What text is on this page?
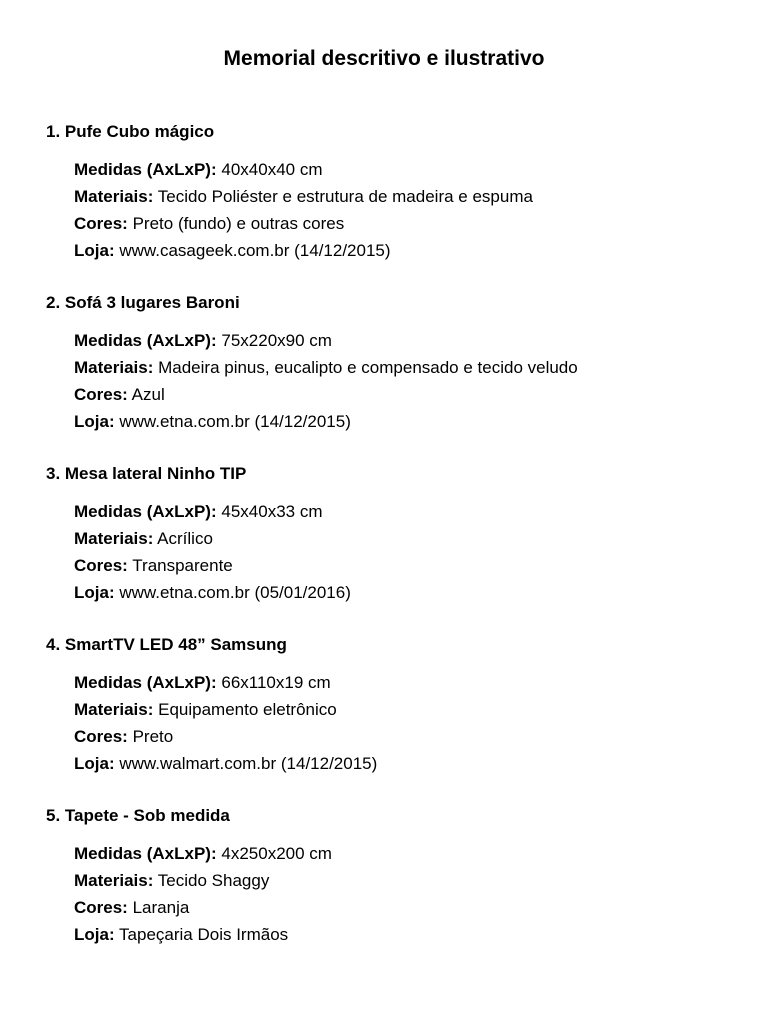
Memorial descritivo e ilustrativo
1. Pufe Cubo mágico
Medidas (AxLxP): 40x40x40 cm
Materiais: Tecido Poliéster e estrutura de madeira e espuma
Cores: Preto (fundo) e outras cores
Loja: www.casageek.com.br (14/12/2015)
2. Sofá 3 lugares Baroni
Medidas (AxLxP): 75x220x90 cm
Materiais: Madeira pinus, eucalipto e compensado e tecido veludo
Cores: Azul
Loja: www.etna.com.br (14/12/2015)
3. Mesa lateral Ninho TIP
Medidas (AxLxP): 45x40x33 cm
Materiais: Acrílico
Cores: Transparente
Loja: www.etna.com.br (05/01/2016)
4. SmartTV LED 48” Samsung
Medidas (AxLxP): 66x110x19 cm
Materiais: Equipamento eletrônico
Cores: Preto
Loja: www.walmart.com.br (14/12/2015)
5. Tapete - Sob medida
Medidas (AxLxP): 4x250x200 cm
Materiais: Tecido Shaggy
Cores: Laranja
Loja: Tapeçaria Dois Irmãos
